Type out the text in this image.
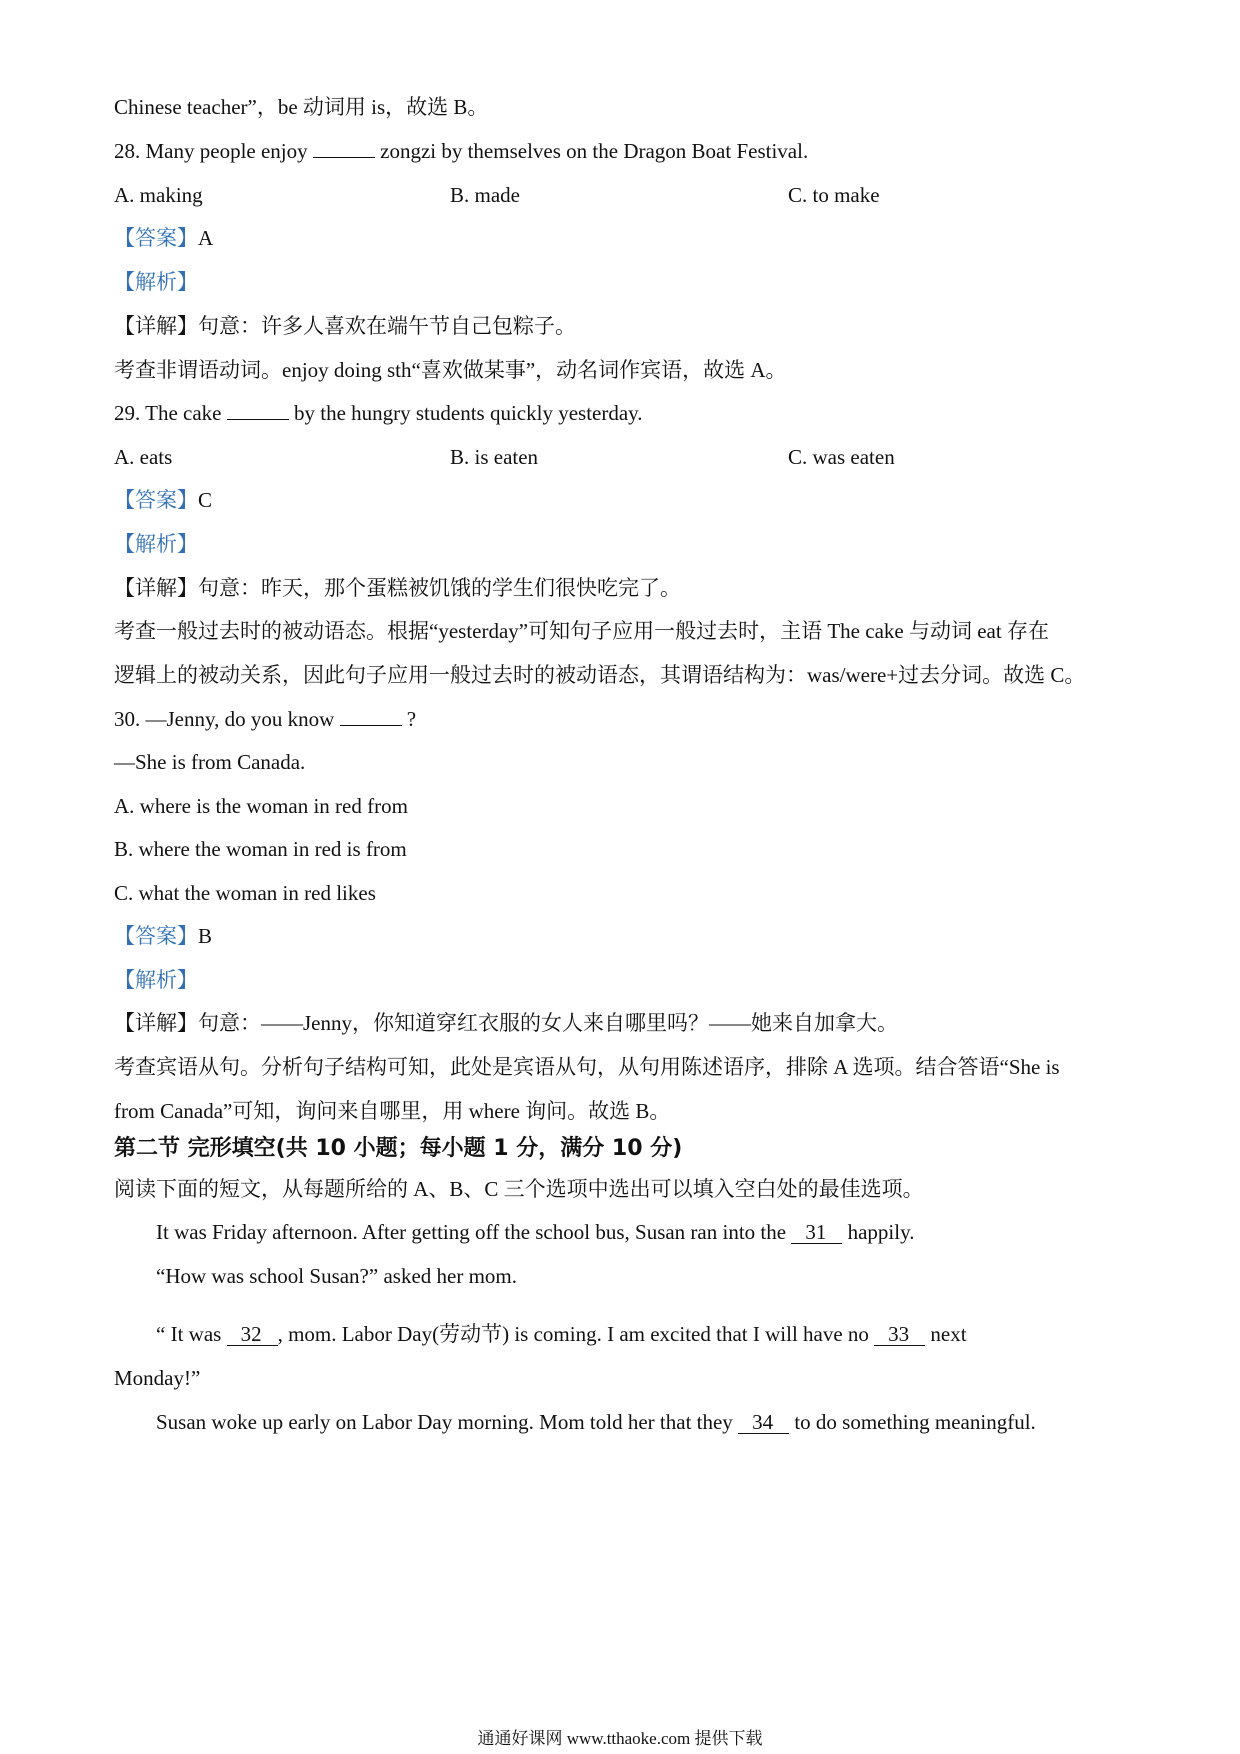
Chinese teacher”，be 动词用 is，故选 B。
28. Many people enjoy	zongzi by themselves on the Dragon Boat Festival.
A. making	B. made	C. to make
【答案】A
【解析】
【详解】句意：许多人喜欢在端午节自己包粽子。
考查非谓语动词。enjoy doing sth“喜欢做某事”，动名词作宾语，故选 A。
29. The cake	by the hungry students quickly yesterday.
A. eats	B. is eaten	C. was eaten
【答案】C
【解析】
【详解】句意：昨天，那个蛋糕被饥饿的学生们很快吃完了。
考查一般过去时的被动语态。根据“yesterday”可知句子应用一般过去时，主语 The cake 与动词 eat 存在
逻辑上的被动关系，因此句子应用一般过去时的被动语态，其谓语结构为：was/were+过去分词。故选 C。
30. —Jenny, do you know	?
—She is from Canada.
A. where is the woman in red from
B. where the woman in red is from
C. what the woman in red likes
【答案】B
【解析】
【详解】句意：——Jenny，你知道穿红衣服的女人来自哪里吗？——她来自加拿大。
考查宾语从句。分析句子结构可知，此处是宾语从句，从句用陈述语序，排除 A 选项。结合答语“She is
from Canada”可知，询问来自哪里，用 where 询问。故选 B。
第二节 完形填空(共 10 小题；每小题 1 分，满分 10 分)
阅读下面的短文，从每题所给的 A、B、C 三个选项中选出可以填入空白处的最佳选项。
It was Friday afternoon. After getting off the school bus, Susan ran into the 31 happily.
“How was school Susan?” asked her mom.
“ It was 32 , mom. Labor Day(劳动节) is coming. I am excited that I will have no 33 next
Monday!”
Susan woke up early on Labor Day morning. Mom told her that they 34 to do something meaningful.
通通好课网 www.tthaoke.com 提供下载
